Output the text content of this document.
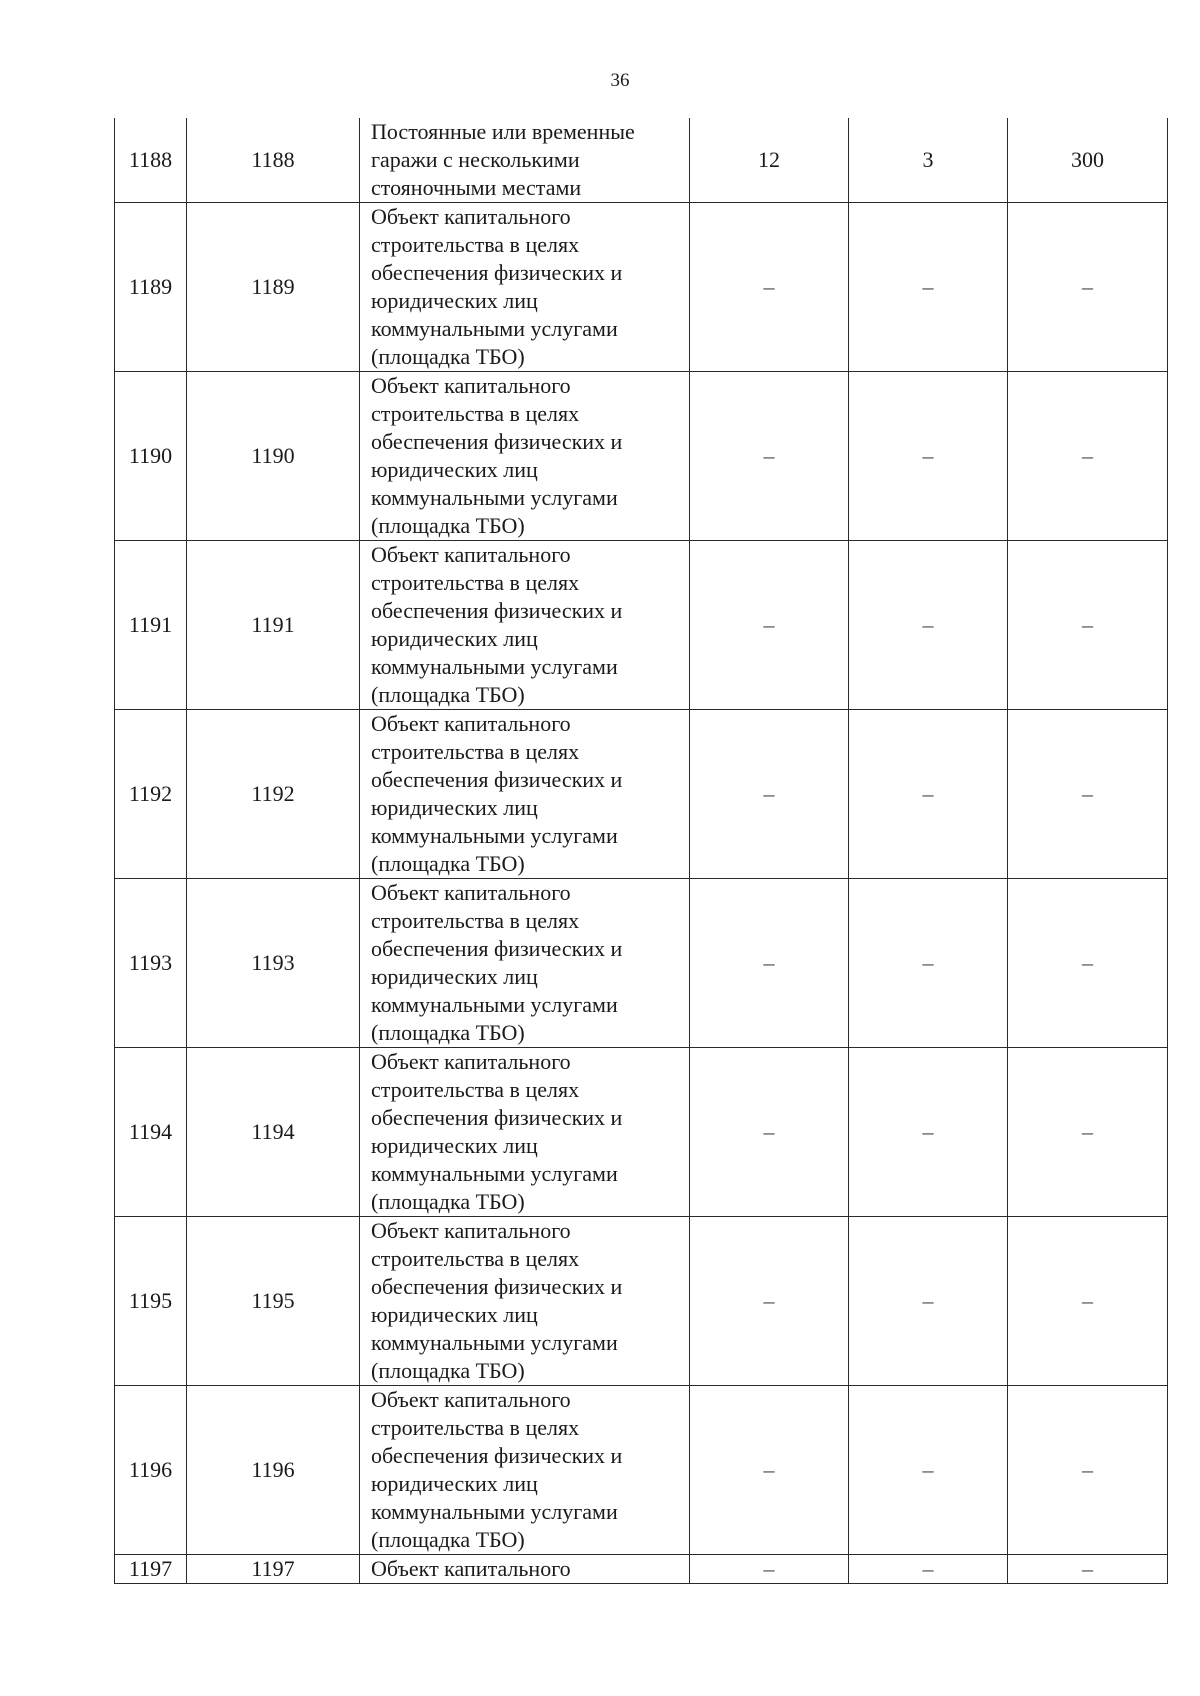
36
1188	1188	Постоянные или временные гаражи с несколькими стояночными местами	12	3	300
1189	1189	Объект капитального строительства в целях обеспечения физических и юридических лиц коммунальными услугами (площадка ТБО)	–	–	–
1190	1190	Объект капитального строительства в целях обеспечения физических и юридических лиц коммунальными услугами (площадка ТБО)	–	–	–
1191	1191	Объект капитального строительства в целях обеспечения физических и юридических лиц коммунальными услугами (площадка ТБО)	–	–	–
1192	1192	Объект капитального строительства в целях обеспечения физических и юридических лиц коммунальными услугами (площадка ТБО)	–	–	–
1193	1193	Объект капитального строительства в целях обеспечения физических и юридических лиц коммунальными услугами (площадка ТБО)	–	–	–
1194	1194	Объект капитального строительства в целях обеспечения физических и юридических лиц коммунальными услугами (площадка ТБО)	–	–	–
1195	1195	Объект капитального строительства в целях обеспечения физических и юридических лиц коммунальными услугами (площадка ТБО)	–	–	–
1196	1196	Объект капитального строительства в целях обеспечения физических и юридических лиц коммунальными услугами (площадка ТБО)	–	–	–
1197	1197	Объект капитального	–	–	–
